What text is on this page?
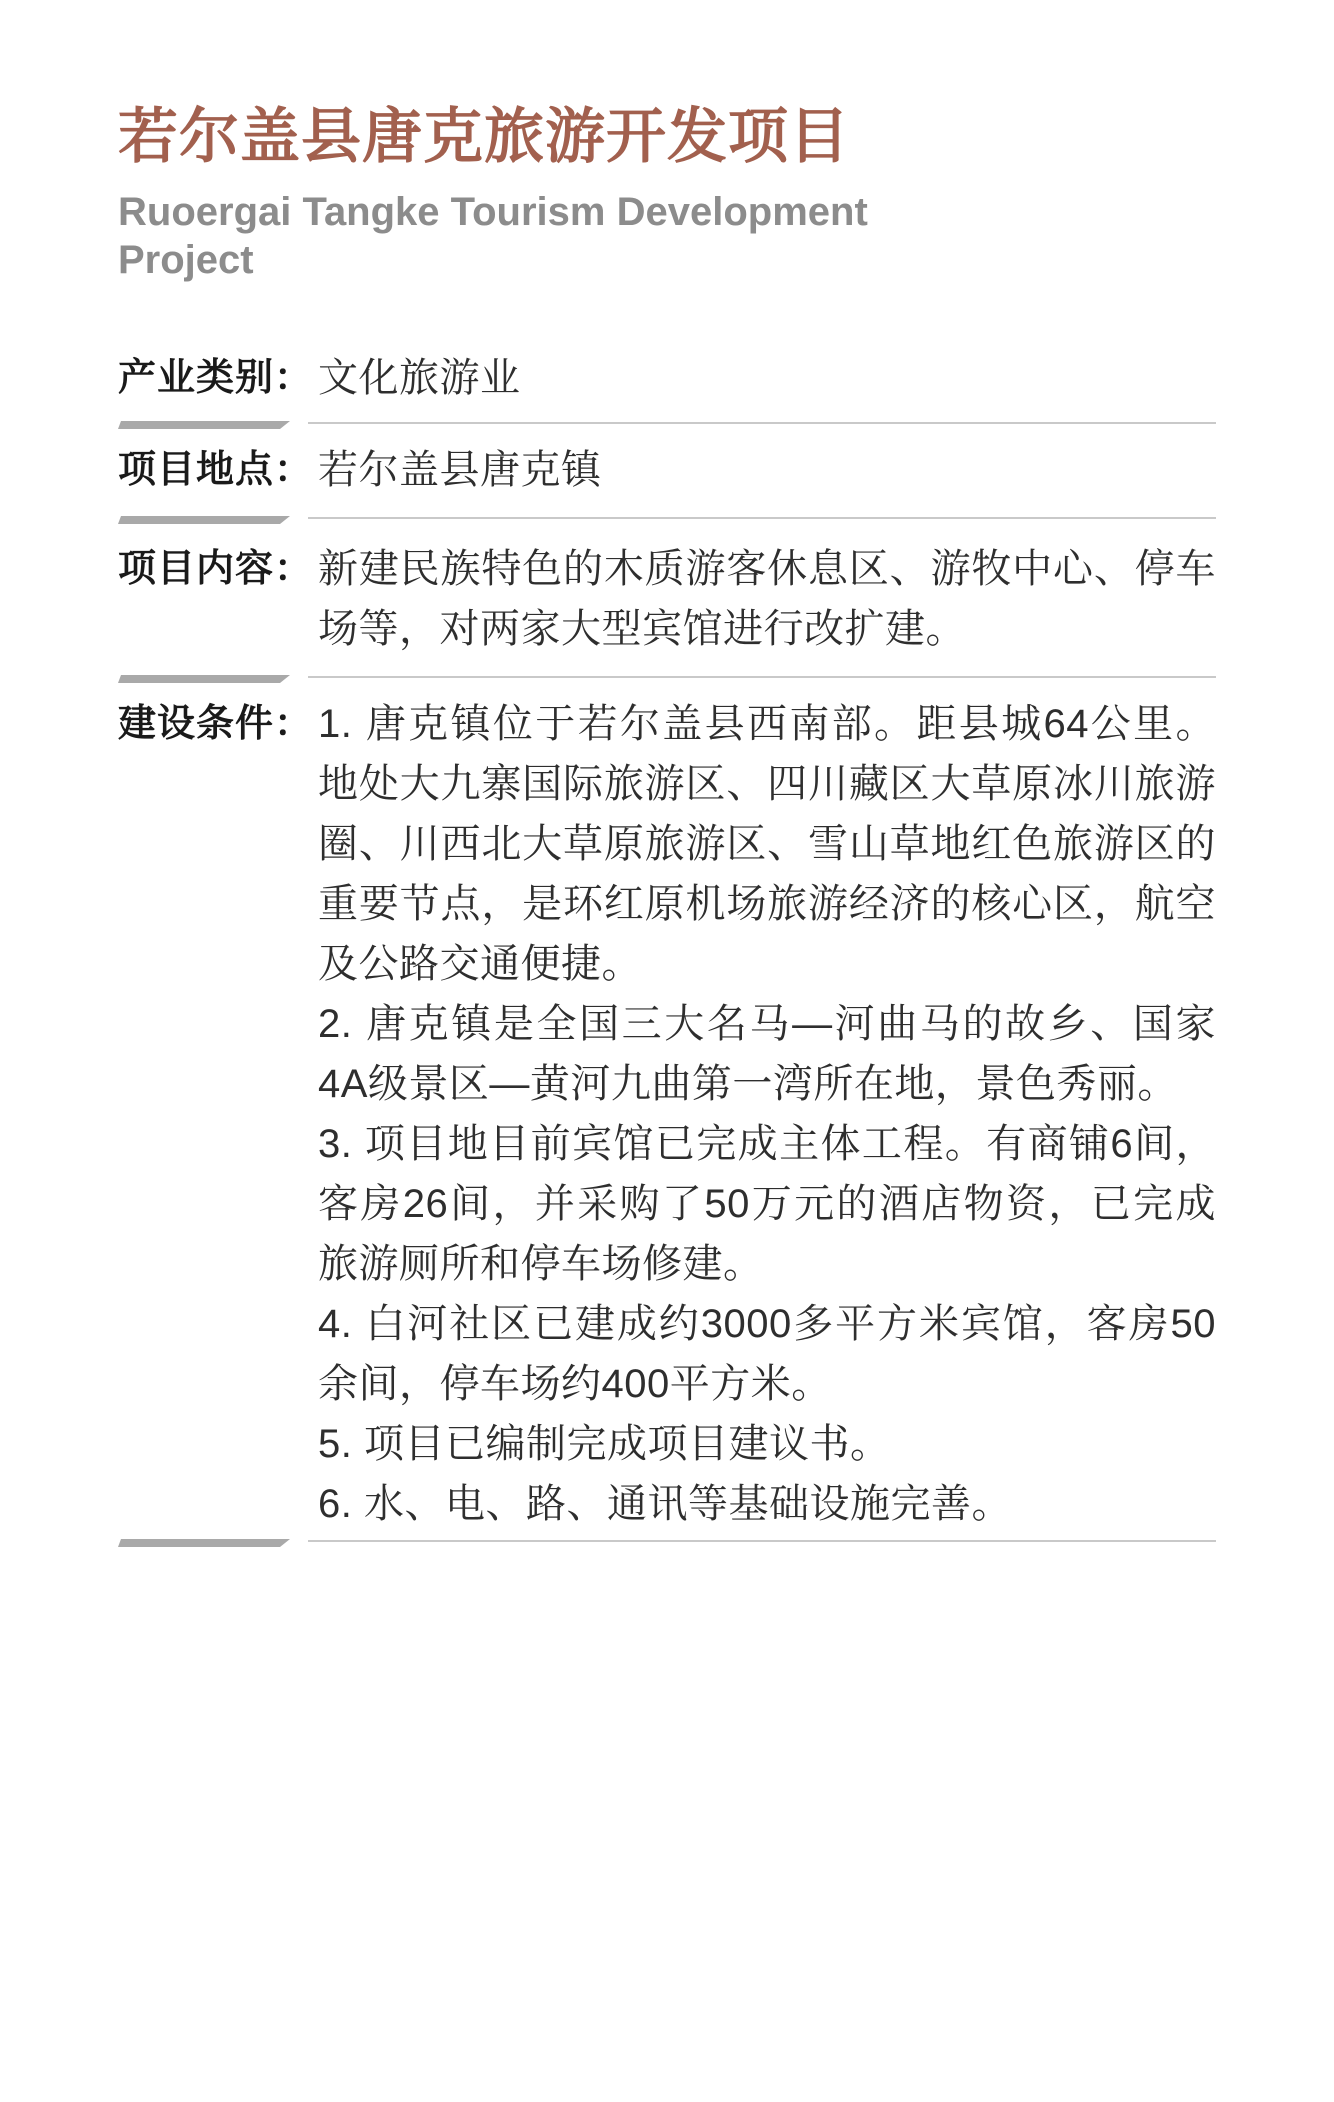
若尔盖县唐克旅游开发项目
Ruoergai Tangke Tourism Development Project
产业类别： 文化旅游业

项目地点： 若尔盖县唐克镇

项目内容： 新建民族特色的木质游客休息区、游牧中心、停车场等，对两家大型宾馆进行改扩建。

建设条件： 1. 唐克镇位于若尔盖县西南部。距县城64公里。地处大九寨国际旅游区、四川藏区大草原冰川旅游圈、川西北大草原旅游区、雪山草地红色旅游区的重要节点，是环红原机场旅游经济的核心区，航空及公路交通便捷。

2. 唐克镇是全国三大名马—河曲马的故乡、国家4A级景区—黄河九曲第一湾所在地，景色秀丽。

3. 项目地目前宾馆已完成主体工程。有商铺6间，客房26间，并采购了50万元的酒店物资，已完成旅游厕所和停车场修建。

4. 白河社区已建成约3000多平方米宾馆，客房50余间，停车场约400平方米。

5. 项目已编制完成项目建议书。

6. 水、电、路、通讯等基础设施完善。
